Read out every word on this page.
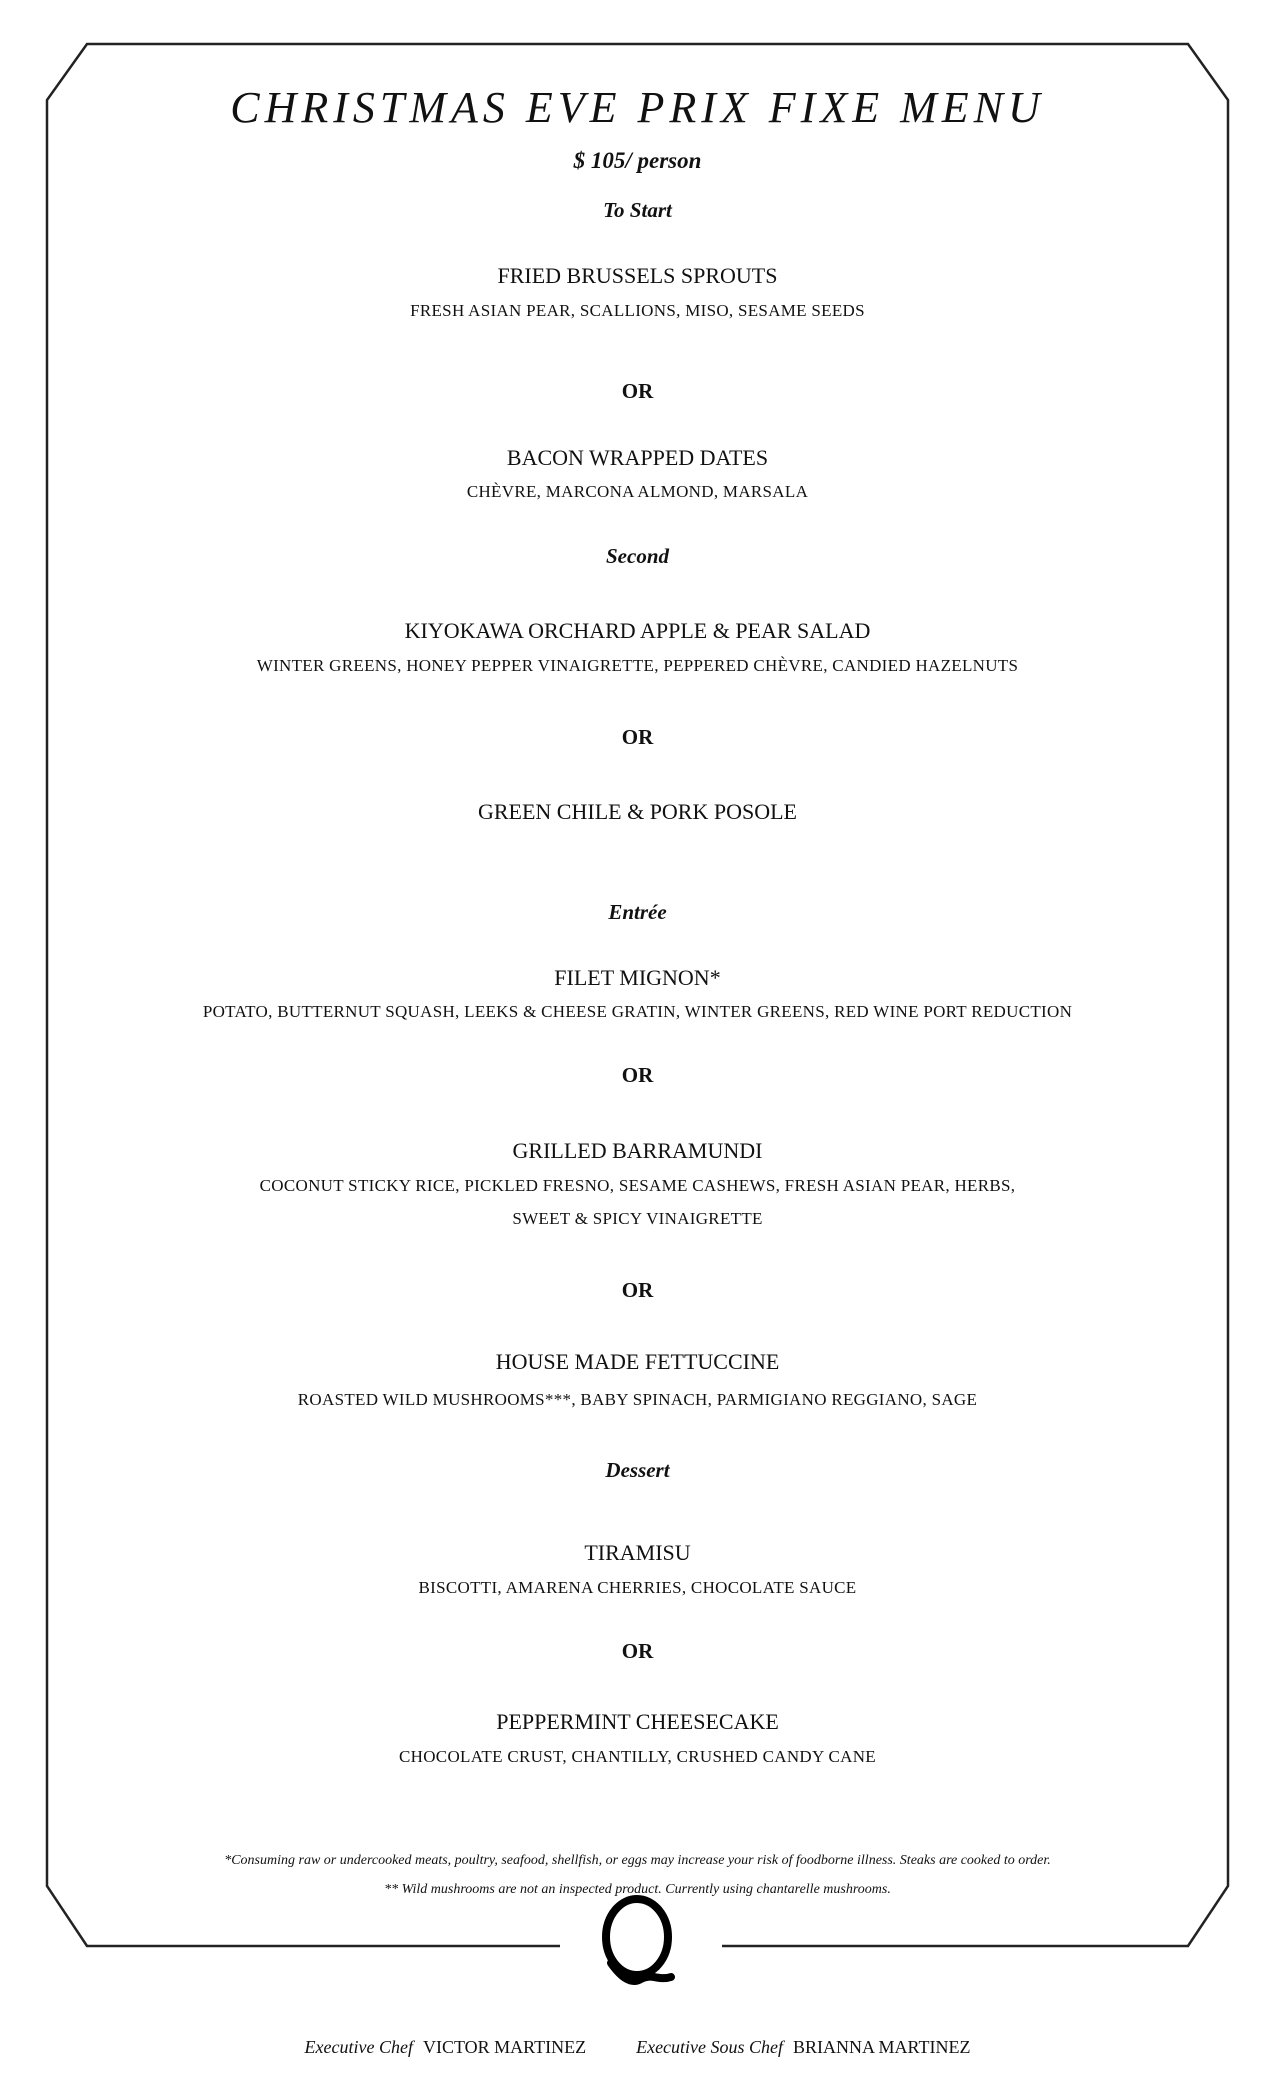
CHRISTMAS EVE PRIX FIXE MENU
$ 105/ person
To Start
FRIED BRUSSELS SPROUTS
FRESH ASIAN PEAR, SCALLIONS, MISO, SESAME SEEDS
OR
BACON WRAPPED DATES
CHÈVRE, MARCONA ALMOND, MARSALA
Second
KIYOKAWA ORCHARD APPLE & PEAR SALAD
WINTER GREENS, HONEY PEPPER VINAIGRETTE, PEPPERED CHÈVRE, CANDIED HAZELNUTS
OR
GREEN CHILE & PORK POSOLE
Entrée
FILET MIGNON*
POTATO, BUTTERNUT SQUASH, LEEKS & CHEESE GRATIN, WINTER GREENS, RED WINE PORT REDUCTION
OR
GRILLED BARRAMUNDI
COCONUT STICKY RICE, PICKLED FRESNO, SESAME CASHEWS, FRESH ASIAN PEAR, HERBS,
SWEET & SPICY VINAIGRETTE
OR
HOUSE MADE FETTUCCINE
ROASTED WILD MUSHROOMS***, BABY SPINACH, PARMIGIANO REGGIANO, SAGE
Dessert
TIRAMISU
BISCOTTI, AMARENA CHERRIES, CHOCOLATE SAUCE
OR
PEPPERMINT CHEESECAKE
CHOCOLATE CRUST, CHANTILLY, CRUSHED CANDY CANE
*Consuming raw or undercooked meats, poultry, seafood, shellfish, or eggs may increase your risk of foodborne illness. Steaks are cooked to order.
** Wild mushrooms are not an inspected product. Currently using chantarelle mushrooms.
Executive Chef VICTOR MARTINEZ	Executive Sous Chef BRIANNA MARTINEZ
